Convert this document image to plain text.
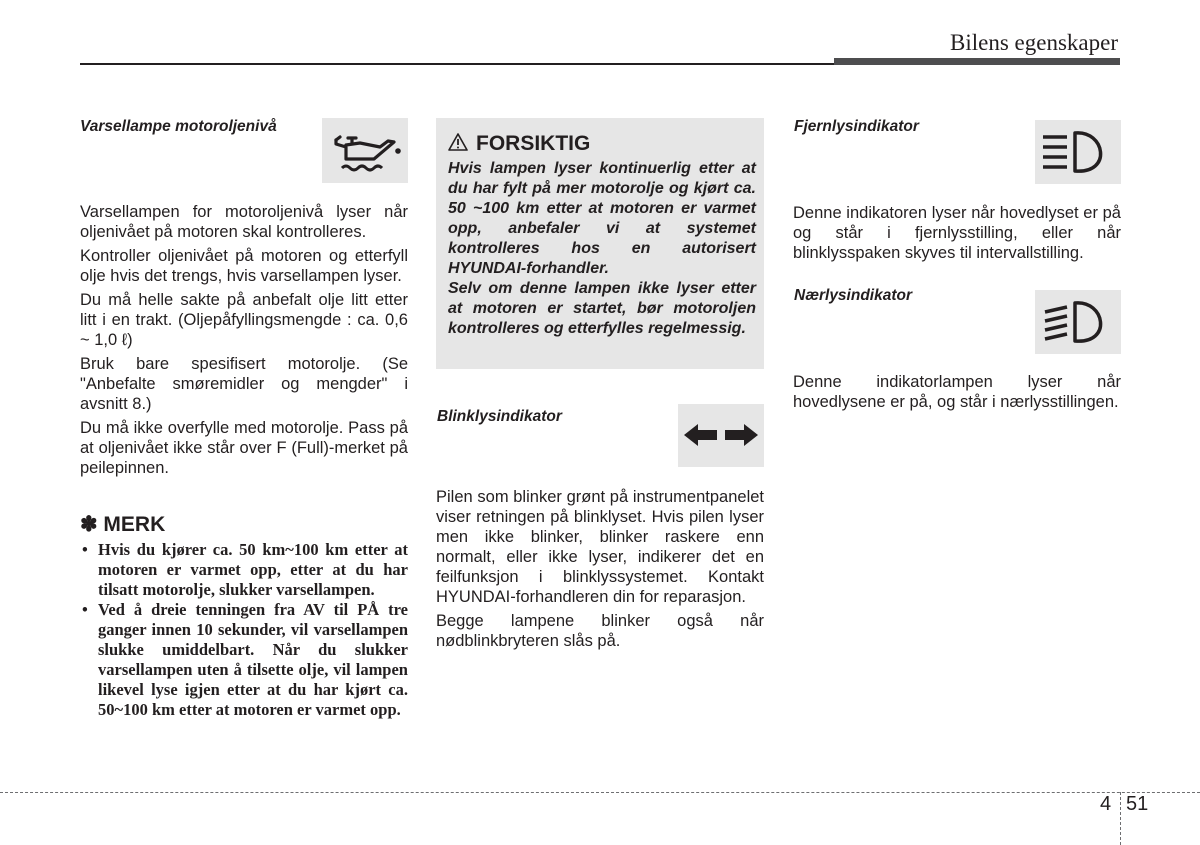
Bilens egenskaper
Varsellampe motoroljenivå

Varsellampen for motoroljenivå lyser når oljenivået på motoren skal kontrolleres.

Kontroller oljenivået på motoren og etterfyll olje hvis det trengs, hvis varsellampen lyser.

Du må helle sakte på anbefalt olje litt etter litt i en trakt. (Oljepåfyllingsmengde : ca. 0,6 ~ 1,0 ℓ)

Bruk bare spesifisert motorolje. (Se "Anbefalte smøremidler og mengder" i avsnitt 8.)

Du må ikke overfylle med motorolje. Pass på at oljenivået ikke står over F (Full)-merket på peilepinnen.

✽ MERK
• Hvis du kjører ca. 50 km~100 km etter at motoren er varmet opp, etter at du har tilsatt motorolje, slukker varsellampen.
• Ved å dreie tenningen fra AV til PÅ tre ganger innen 10 sekunder, vil varsellampen slukke umiddelbart. Når du slukker varsellampen uten å tilsette olje, vil lampen likevel lyse igjen etter at du har kjørt ca. 50~100 km etter at motoren er varmet opp.
FORSIKTIG

Hvis lampen lyser kontinuerlig etter at du har fylt på mer motorolje og kjørt ca. 50 ~100 km etter at motoren er varmet opp, anbefaler vi at systemet kontrolleres hos en autorisert HYUNDAI-forhandler.

Selv om denne lampen ikke lyser etter at motoren er startet, bør motoroljen kontrolleres og etterfylles regelmessig.

Blinklysindikator

Pilen som blinker grønt på instrumentpanelet viser retningen på blinklyset. Hvis pilen lyser men ikke blinker, blinker raskere enn normalt, eller ikke lyser, indikerer det en feilfunksjon i blinklyssystemet. Kontakt HYUNDAI-forhandleren din for reparasjon.

Begge lampene blinker også når nødblinkbryteren slås på.

Fjernlysindikator

Denne indikatoren lyser når hovedlyset er på og står i fjernlysstilling, eller når blinklysspaken skyves til intervallstilling.

Nærlysindikator

Denne indikatorlampen lyser når hovedlysene er på, og står i nærlysstillingen.

4 51
